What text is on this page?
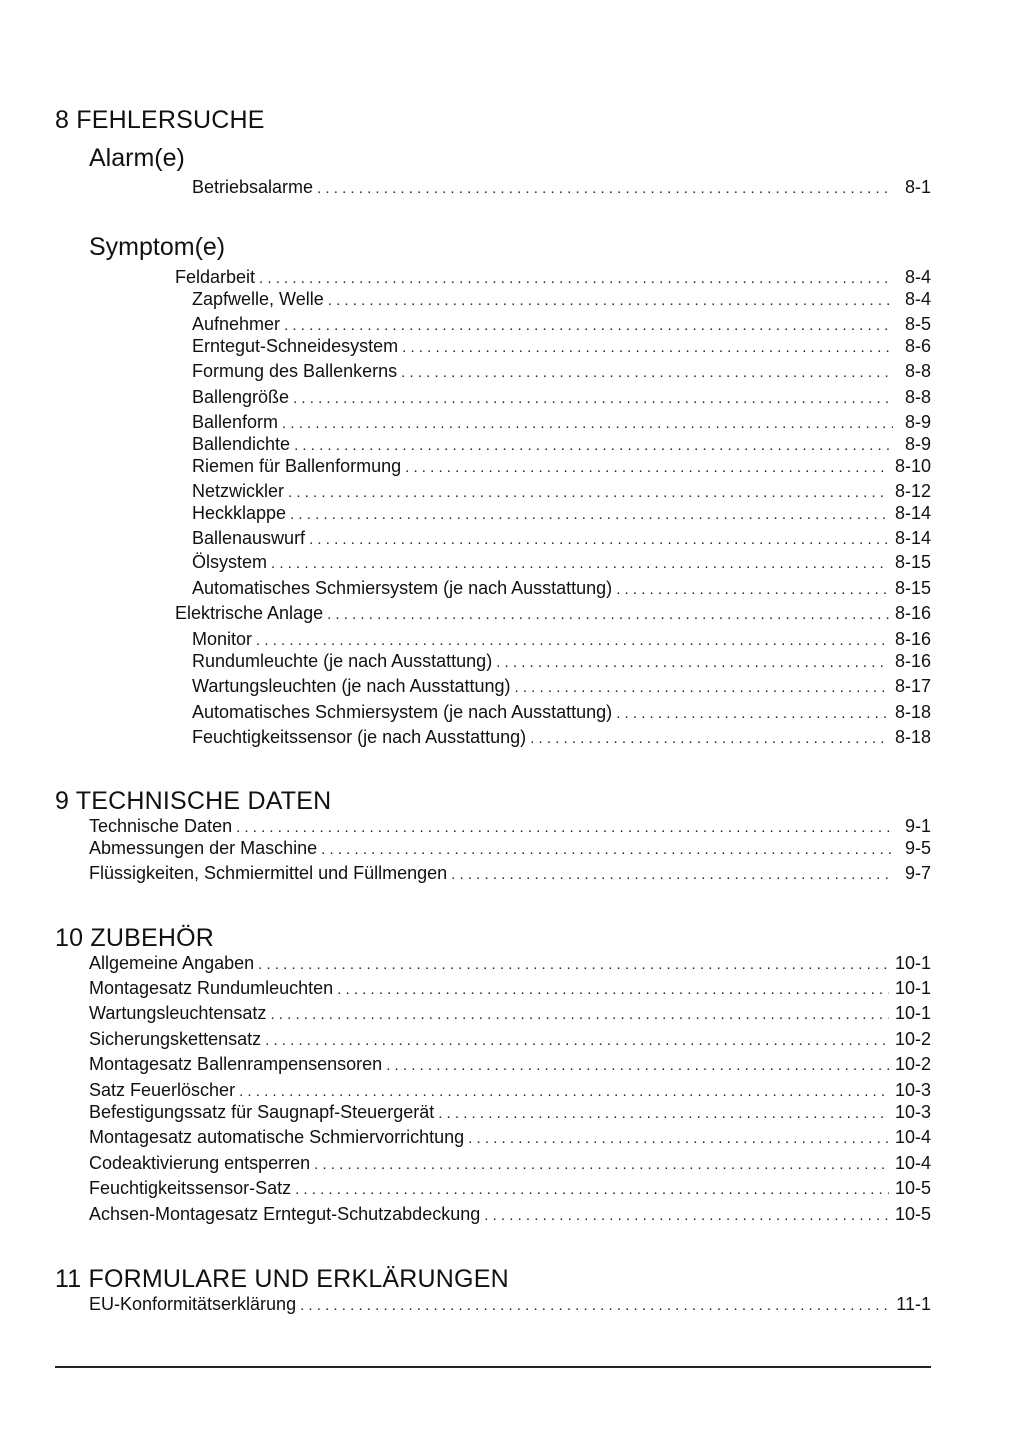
8 FEHLERSUCHE
Alarm(e)
Betriebsalarme . . .	8-1
Symptom(e)
Feldarbeit . . .	8-4
Zapfwelle, Welle . . .	8-4
Aufnehmer . . .	8-5
Erntegut-Schneidesystem . . .	8-6
Formung des Ballenkerns . . .	8-8
Ballengröße . . .	8-8
Ballenform . . .	8-9
Ballendichte . . .	8-9
Riemen für Ballenformung . . .	8-10
Netzwickler . . .	8-12
Heckklappe . . .	8-14
Ballenauswurf . . .	8-14
Ölsystem . . .	8-15
Automatisches Schmiersystem (je nach Ausstattung) . . .	8-15
Elektrische Anlage . . .	8-16
Monitor . . .	8-16
Rundumleuchte (je nach Ausstattung) . . .	8-16
Wartungsleuchten (je nach Ausstattung) . . .	8-17
Automatisches Schmiersystem (je nach Ausstattung) . . .	8-18
Feuchtigkeitssensor (je nach Ausstattung) . . .	8-18
9 TECHNISCHE DATEN
Technische Daten . . .	9-1
Abmessungen der Maschine . . .	9-5
Flüssigkeiten, Schmiermittel und Füllmengen . . .	9-7
10 ZUBEHÖR
Allgemeine Angaben . . .	10-1
Montagesatz Rundumleuchten . . .	10-1
Wartungsleuchtensatz . . .	10-1
Sicherungskettensatz . . .	10-2
Montagesatz Ballenrampensensoren . . .	10-2
Satz Feuerlöscher . . .	10-3
Befestigungssatz für Saugnapf-Steuergerät . . .	10-3
Montagesatz automatische Schmiervorrichtung . . .	10-4
Codeaktivierung entsperren . . .	10-4
Feuchtigkeitssensor-Satz . . .	10-5
Achsen-Montagesatz Erntegut-Schutzabdeckung . . .	10-5
11 FORMULARE UND ERKLÄRUNGEN
EU-Konformitätserklärung . . .	11-1
